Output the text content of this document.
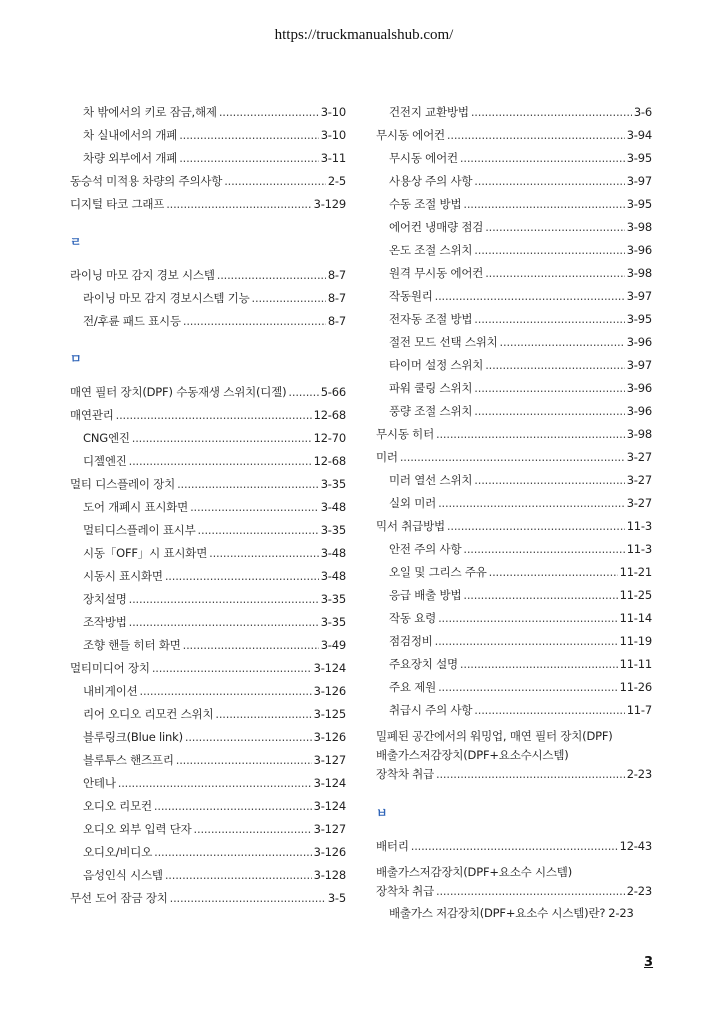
https://truckmanualshub.com/
차 밖에서의 키로 잠금,해제 .....	3-10
차 실내에서의 개폐 .....	3-10
차량 외부에서 개폐 .....	3-11
동승석 미적용 차량의 주의사항 .....	2-5
디지털 타코 그래프 .....	3-129
ㄹ
라이닝 마모 감지 경보 시스템 .....	8-7
라이닝 마모 감지 경보시스템 기능 .....	8-7
전/후륜 패드 표시등 .....	8-7
ㅁ
매연 필터 장치(DPF) 수동재생 스위치(디젤) .....	5-66
매연관리 .....	12-68
CNG엔진 .....	12-70
디젤엔진 .....	12-68
멀티 디스플레이 장치 .....	3-35
도어 개폐시 표시화면 .....	3-48
멀티디스플레이 표시부 .....	3-35
시동「OFF」시 표시화면 .....	3-48
시동시 표시화면 .....	3-48
장치설명 .....	3-35
조작방법 .....	3-35
조향 핸들 히터 화면 .....	3-49
멀티미디어 장치 .....	3-124
내비게이션 .....	3-126
리어 오디오 리모컨 스위치 .....	3-125
블루링크(Blue link) .....	3-126
블루투스 핸즈프리 .....	3-127
안테나 .....	3-124
오디오 리모컨 .....	3-124
오디오 외부 입력 단자 .....	3-127
오디오/비디오 .....	3-126
음성인식 시스템 .....	3-128
무선 도어 잠금 장치 .....	3-5
건전지 교환방법 .....	3-6
무시동 에어컨 .....	3-94
무시동 에어컨 .....	3-95
사용상 주의 사항 .....	3-97
수동 조절 방법 .....	3-95
에어컨 냉매량 점검 .....	3-98
온도 조절 스위치 .....	3-96
원격 무시동 에어컨 .....	3-98
작동원리 .....	3-97
전자동 조절 방법 .....	3-95
절전 모드 선택 스위치 .....	3-96
타이머 설정 스위치 .....	3-97
파워 쿨링 스위치 .....	3-96
풍량 조절 스위치 .....	3-96
무시동 히터 .....	3-98
미러 .....	3-27
미러 열선 스위치 .....	3-27
실외 미러 .....	3-27
믹서 취급방법 .....	11-3
안전 주의 사항 .....	11-3
오일 및 그리스 주유 .....	11-21
응급 배출 방법 .....	11-25
작동 요령 .....	11-14
점검정비 .....	11-19
주요장치 설명 .....	11-11
주요 제원 .....	11-26
취급시 주의 사항 .....	11-7
밀폐된 공간에서의 워밍업, 매연 필터 장치(DPF)
배출가스저감장치(DPF+요소수시스템)
장착차 취급 .....	2-23
ㅂ
배터리 .....	12-43
배출가스저감장치(DPF+요소수 시스템)
장착차 취급 .....	2-23
배출가스 저감장치(DPF+요소수 시스템)란? 2-23
3
